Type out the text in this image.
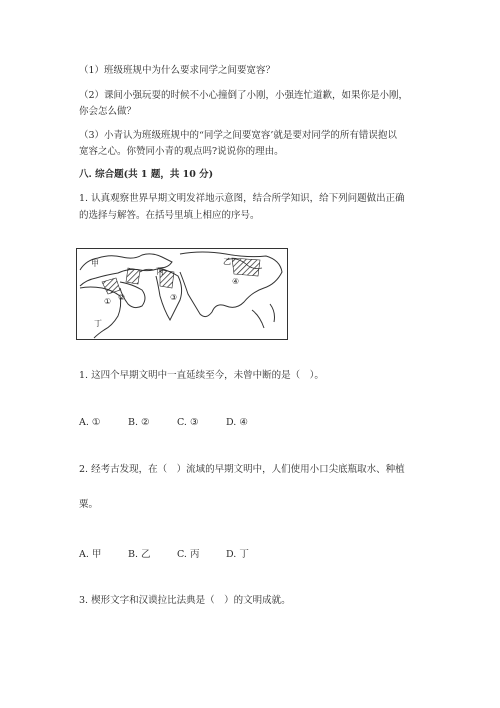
（1）班级班规中为什么要求同学之间要宽容？
（2）课间小强玩耍的时候不小心撞倒了小刚，小强连忙道歉，如果你是小刚，
你会怎么做？
（3）小青认为班级班规中的“同学之间要宽容’就是要对同学的所有错误抱以
宽容之心。你赞同小青的观点吗?说说你的理由。
八. 综合题(共 1 题，共 10 分)
1. 认真观察世界早期文明发祥地示意图，结合所学知识，给下列问题做出正确
的选择与解答。在括号里填上相应的序号。
甲	乙
丙
丁
① ②	③
④
1. 这四个早期文明中一直延续至今，未曾中断的是（　）。
A. ①	B. ②	C. ③	D. ④
2. 经考古发现，在（　）流域的早期文明中，人们使用小口尖底瓶取水、种植
粟。
A. 甲	B. 乙	C. 丙	D. 丁
3. 楔形文字和汉谟拉比法典是（　）的文明成就。
